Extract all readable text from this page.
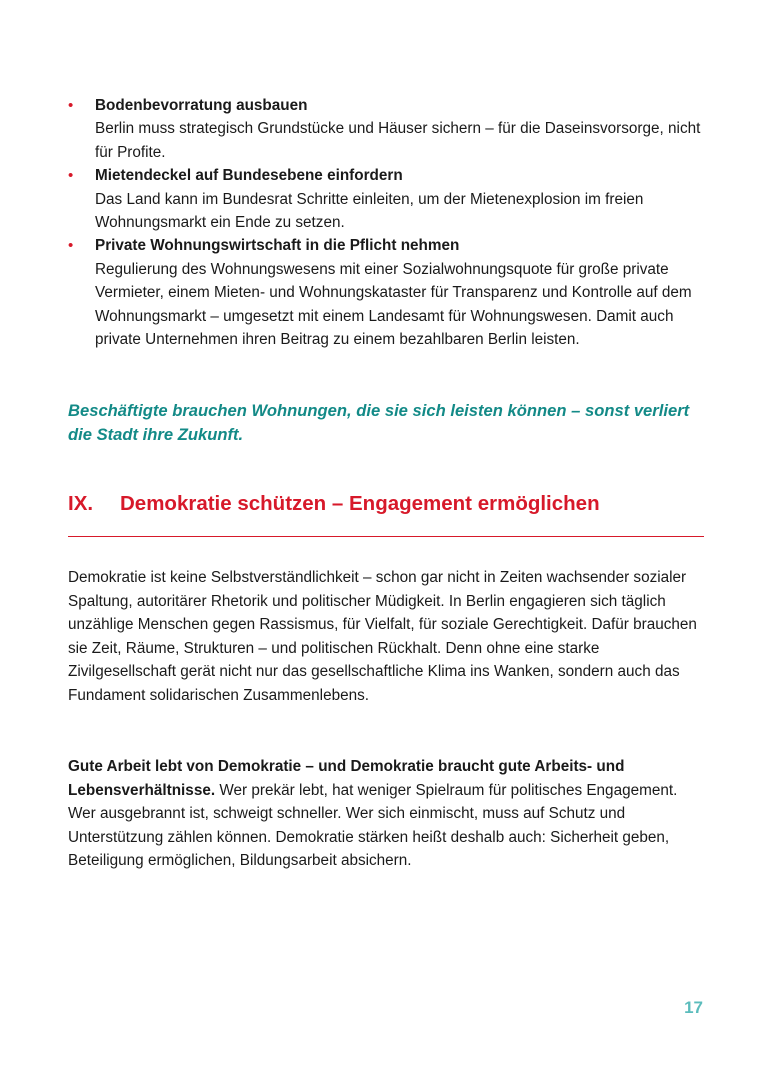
• Bodenbevorratung ausbauen
Berlin muss strategisch Grundstücke und Häuser sichern – für die Daseinsvorsorge, nicht für Profite.
• Mietendeckel auf Bundesebene einfordern
Das Land kann im Bundesrat Schritte einleiten, um der Mietenexplosion im freien Wohnungsmarkt ein Ende zu setzen.
• Private Wohnungswirtschaft in die Pflicht nehmen
Regulierung des Wohnungswesens mit einer Sozialwohnungsquote für große private Vermieter, einem Mieten- und Wohnungskataster für Transparenz und Kontrolle auf dem Wohnungsmarkt – umgesetzt mit einem Landesamt für Wohnungswesen. Damit auch private Unternehmen ihren Beitrag zu einem bezahlbaren Berlin leisten.

Beschäftigte brauchen Wohnungen, die sie sich leisten können – sonst verliert die Stadt ihre Zukunft.

IX. Demokratie schützen – Engagement ermöglichen

Demokratie ist keine Selbstverständlichkeit – schon gar nicht in Zeiten wachsender sozialer Spaltung, autoritärer Rhetorik und politischer Müdigkeit. In Berlin engagieren sich täglich unzählige Menschen gegen Rassismus, für Vielfalt, für soziale Gerechtigkeit. Dafür brauchen sie Zeit, Räume, Strukturen – und politischen Rückhalt. Denn ohne eine starke Zivilgesellschaft gerät nicht nur das gesellschaftliche Klima ins Wanken, sondern auch das Fundament solidarischen Zusammenlebens.

Gute Arbeit lebt von Demokratie – und Demokratie braucht gute Arbeits- und Lebensverhältnisse. Wer prekär lebt, hat weniger Spielraum für politisches Engagement. Wer ausgebrannt ist, schweigt schneller. Wer sich einmischt, muss auf Schutz und Unterstützung zählen können. Demokratie stärken heißt deshalb auch: Sicherheit geben, Beteiligung ermöglichen, Bildungsarbeit absichern.

17
